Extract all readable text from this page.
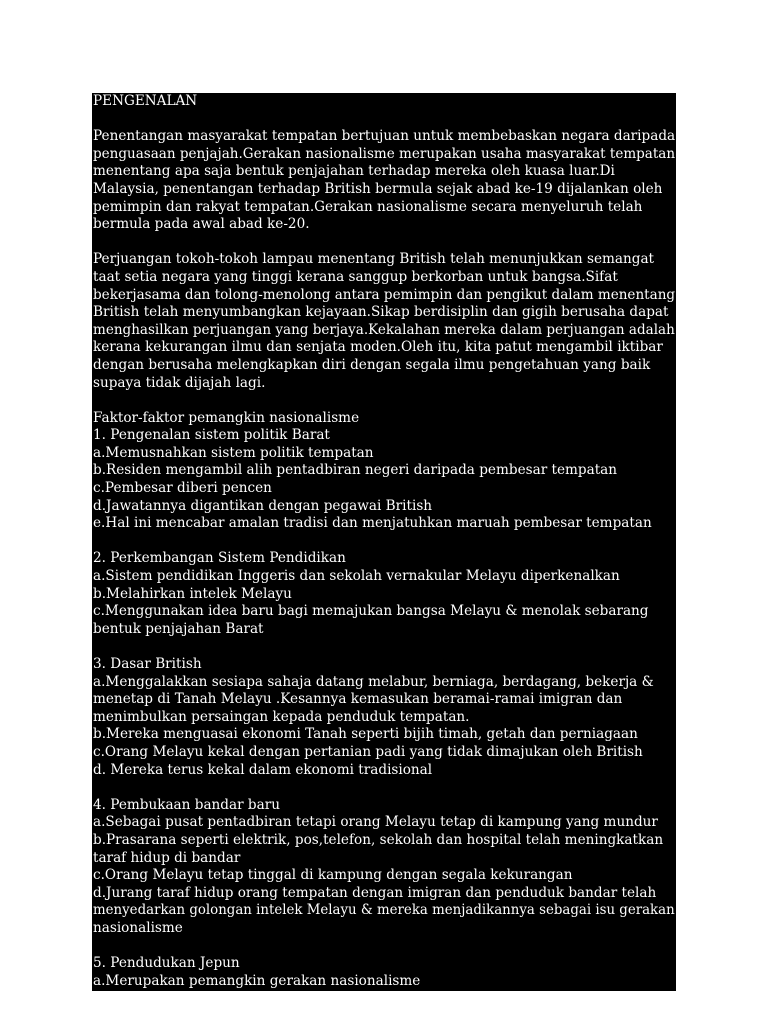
PENGENALAN
Penentangan masyarakat tempatan bertujuan untuk membebaskan negara daripada
penguasaan penjajah.Gerakan nasionalisme merupakan usaha masyarakat tempatan
menentang apa saja bentuk penjajahan terhadap mereka oleh kuasa luar.Di
Malaysia, penentangan terhadap British bermula sejak abad ke-19 dijalankan oleh
pemimpin dan rakyat tempatan.Gerakan nasionalisme secara menyeluruh telah
bermula pada awal abad ke-20.
Perjuangan tokoh-tokoh lampau menentang British telah menunjukkan semangat
taat setia negara yang tinggi kerana sanggup berkorban untuk bangsa.Sifat
bekerjasama dan tolong-menolong antara pemimpin dan pengikut dalam menentang
British telah menyumbangkan kejayaan.Sikap berdisiplin dan gigih berusaha dapat
menghasilkan perjuangan yang berjaya.Kekalahan mereka dalam perjuangan adalah
kerana kekurangan ilmu dan senjata moden.Oleh itu, kita patut mengambil iktibar
dengan berusaha melengkapkan diri dengan segala ilmu pengetahuan yang baik
supaya tidak dijajah lagi.
Faktor-faktor pemangkin nasionalisme
1. Pengenalan sistem politik Barat
a.Memusnahkan sistem politik tempatan
b.Residen mengambil alih pentadbiran negeri daripada pembesar tempatan
c.Pembesar diberi pencen
d.Jawatannya digantikan dengan pegawai British
e.Hal ini mencabar amalan tradisi dan menjatuhkan maruah pembesar tempatan
2. Perkembangan Sistem Pendidikan
a.Sistem pendidikan Inggeris dan sekolah vernakular Melayu diperkenalkan
b.Melahirkan intelek Melayu
c.Menggunakan idea baru bagi memajukan bangsa Melayu & menolak sebarang
bentuk penjajahan Barat
3. Dasar British
a.Menggalakkan sesiapa sahaja datang melabur, berniaga, berdagang, bekerja &
menetap di Tanah Melayu .Kesannya kemasukan beramai-ramai imigran dan
menimbulkan persaingan kepada penduduk tempatan.
b.Mereka menguasai ekonomi Tanah seperti bijih timah, getah dan perniagaan
c.Orang Melayu kekal dengan pertanian padi yang tidak dimajukan oleh British
d. Mereka terus kekal dalam ekonomi tradisional
4. Pembukaan bandar baru
a.Sebagai pusat pentadbiran tetapi orang Melayu tetap di kampung yang mundur
b.Prasarana seperti elektrik, pos,telefon, sekolah dan hospital telah meningkatkan
taraf hidup di bandar
c.Orang Melayu tetap tinggal di kampung dengan segala kekurangan
d.Jurang taraf hidup orang tempatan dengan imigran dan penduduk bandar telah
menyedarkan golongan intelek Melayu & mereka menjadikannya sebagai isu gerakan
nasionalisme
5. Pendudukan Jepun
a.Merupakan pemangkin gerakan nasionalisme
